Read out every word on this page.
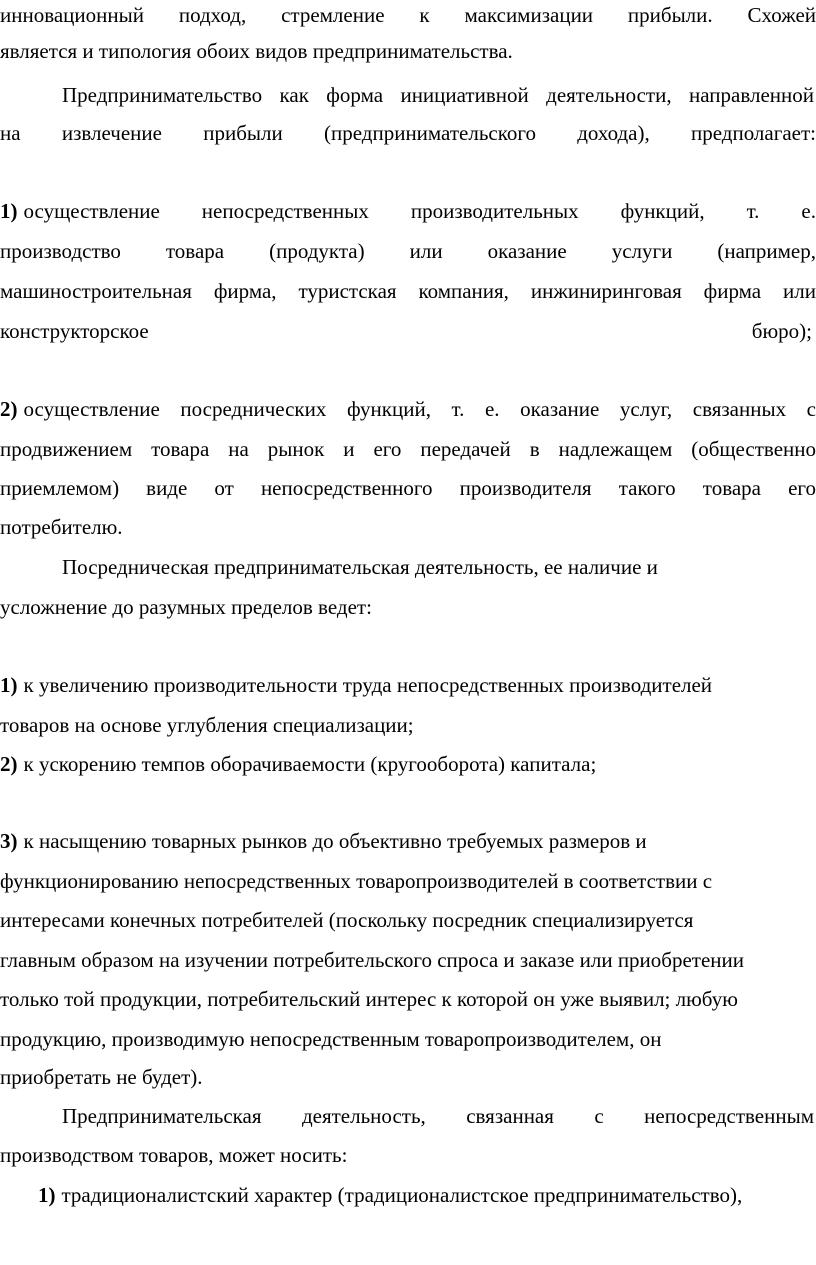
инновационный подход, стремление к максимизации прибыли. Схожей
является и типология обоих видов предпринимательства.
Предпринимательство как форма инициативной деятельности, направленной
на извлечение прибыли (предпринимательского дохода), предполагает:
1) осуществление непосредственных производительных функций, т. е.
производство товара (продукта) или оказание услуги (например,
машиностроительная фирма, туристская компания, инжиниринговая фирма или
конструкторское	бюро);
2) осуществление посреднических функций, т. е. оказание услуг, связанных с
продвижением товара на рынок и его передачей в надлежащем (общественно
приемлемом) виде от непосредственного производителя такого товара его
потребителю.
Посредническая предпринимательская деятельность, ее наличие и
усложнение до разумных пределов ведет:
1) к увеличению производительности труда непосредственных производителей
товаров на основе углубления специализации;
2) к ускорению темпов оборачиваемости (кругооборота) капитала;
3) к насыщению товарных рынков до объективно требуемых размеров и
функционированию непосредственных товаропроизводителей в соответствии с
интересами конечных потребителей (поскольку посредник специализируется
главным образом на изучении потребительского спроса и заказе или приобретении
только той продукции, потребительский интерес к которой он уже выявил; любую
продукцию, производимую непосредственным товаропроизводителем, он
приобретать не будет).
Предпринимательская деятельность, связанная с непосредственным
производством товаров, может носить:
1) традиционалистский характер (традиционалистское предпринимательство),
